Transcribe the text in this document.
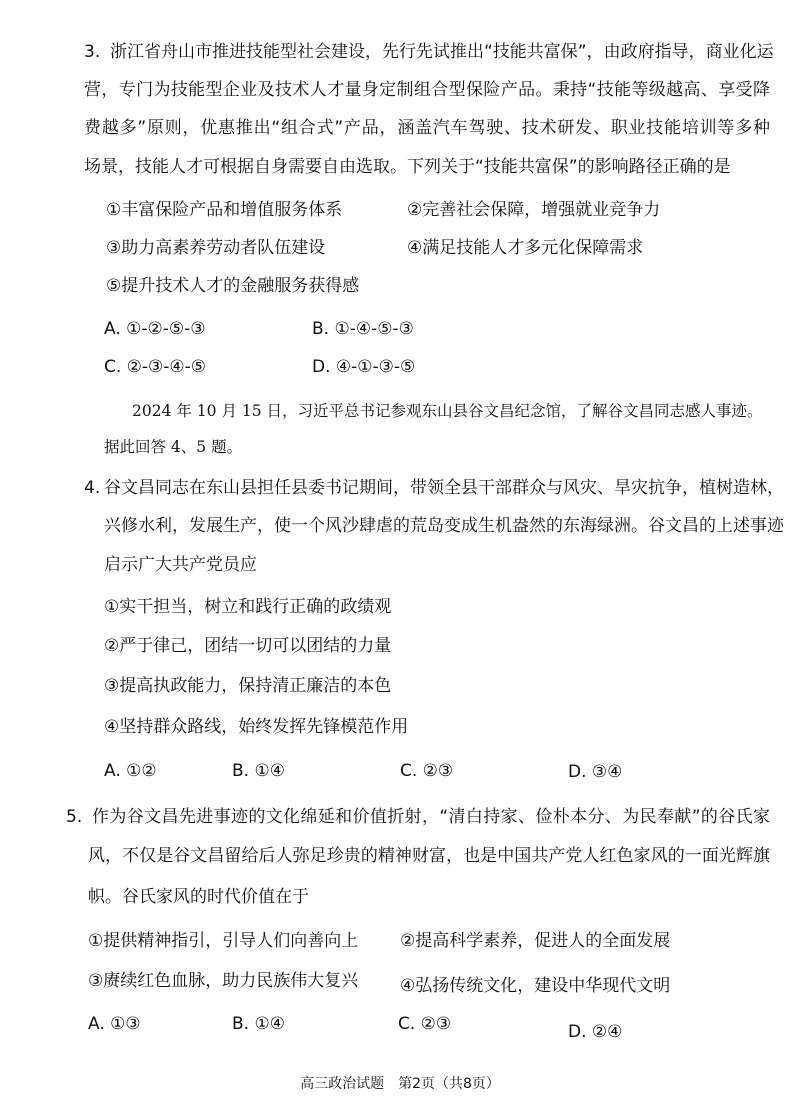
3. 浙江省舟山市推进技能型社会建设，先行先试推出“技能共富保”，由政府指导，商业化运
营，专门为技能型企业及技术人才量身定制组合型保险产品。秉持“技能等级越高、享受降
费越多”原则，优惠推出“组合式”产品，涵盖汽车驾驶、技术研发、职业技能培训等多种
场景，技能人才可根据自身需要自由选取。下列关于“技能共富保”的影响路径正确的是
①丰富保险产品和增值服务体系	②完善社会保障，增强就业竞争力
③助力高素养劳动者队伍建设	④满足技能人才多元化保障需求
⑤提升技术人才的金融服务获得感
A. ①-②-⑤-③	B. ①-④-⑤-③
C. ②-③-④-⑤	D. ④-①-③-⑤
2024 年 10 月 15 日，习近平总书记参观东山县谷文昌纪念馆，了解谷文昌同志感人事迹。
据此回答 4、5 题。
4. 谷文昌同志在东山县担任县委书记期间，带领全县干部群众与风灾、旱灾抗争，植树造林，
兴修水利，发展生产，使一个风沙肆虐的荒岛变成生机盎然的东海绿洲。谷文昌的上述事迹
启示广大共产党员应
①实干担当，树立和践行正确的政绩观
②严于律己，团结一切可以团结的力量
③提高执政能力，保持清正廉洁的本色
④坚持群众路线，始终发挥先锋模范作用
A. ①②	B. ①④	C. ②③	D. ③④
5. 作为谷文昌先进事迹的文化绵延和价值折射，“清白持家、俭朴本分、为民奉献”的谷氏家
风，不仅是谷文昌留给后人弥足珍贵的精神财富，也是中国共产党人红色家风的一面光辉旗
帜。谷氏家风的时代价值在于
①提供精神指引，引导人们向善向上 ②提高科学素养，促进人的全面发展
③赓续红色血脉，助力民族伟大复兴 ④弘扬传统文化，建设中华现代文明
A. ①③	B. ①④	C. ②③	D. ②④
高三政治试题　第2页（共8页）
